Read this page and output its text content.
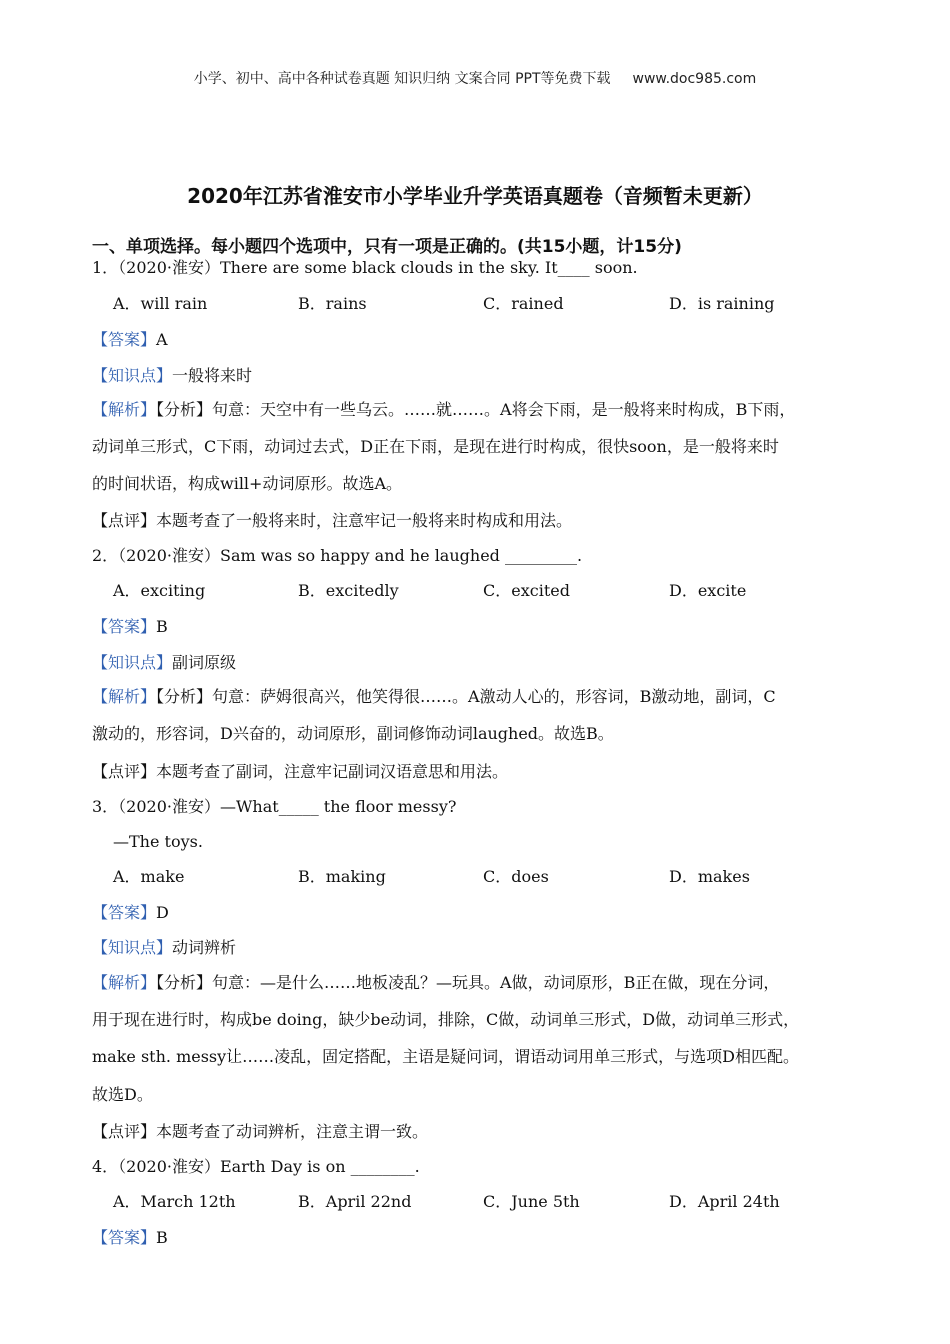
小学、初中、高中各种试卷真题 知识归纳 文案合同 PPT等免费下载 www.doc985.com
2020年江苏省淮安市小学毕业升学英语真题卷（音频暂未更新）
一、单项选择。每小题四个选项中，只有一项是正确的。(共15小题，计15分)
1．（2020·淮安）There are some black clouds in the sky. It____ soon.
A．will rain	B．rains	C．rained	D．is raining
【答案】A
【知识点】一般将来时
【解析】【分析】句意：天空中有一些乌云。……就……。A将会下雨，是一般将来时构成，B下雨，
动词单三形式，C下雨，动词过去式，D正在下雨，是现在进行时构成，很快soon，是一般将来时
的时间状语，构成will+动词原形。故选A。
【点评】本题考查了一般将来时，注意牢记一般将来时构成和用法。
2．（2020·淮安）Sam was so happy and he laughed _________.
A．exciting	B．excitedly	C．excited	D．excite
【答案】B
【知识点】副词原级
【解析】【分析】句意：萨姆很高兴，他笑得很……。A激动人心的，形容词，B激动地，副词，C
激动的，形容词，D兴奋的，动词原形，副词修饰动词laughed。故选B。
【点评】本题考查了副词，注意牢记副词汉语意思和用法。
3．（2020·淮安）—What_____ the floor messy?
—The toys.
A．make	B．making	C．does	D．makes
【答案】D
【知识点】动词辨析
【解析】【分析】句意：—是什么……地板凌乱？—玩具。A做，动词原形，B正在做，现在分词，
用于现在进行时，构成be doing，缺少be动词，排除，C做，动词单三形式，D做，动词单三形式，
make sth. messy让……凌乱，固定搭配，主语是疑问词，谓语动词用单三形式，与选项D相匹配。
故选D。
【点评】本题考查了动词辨析，注意主谓一致。
4．（2020·淮安）Earth Day is on ________.
A．March 12th	B．April 22nd	C．June 5th	D．April 24th
【答案】B
